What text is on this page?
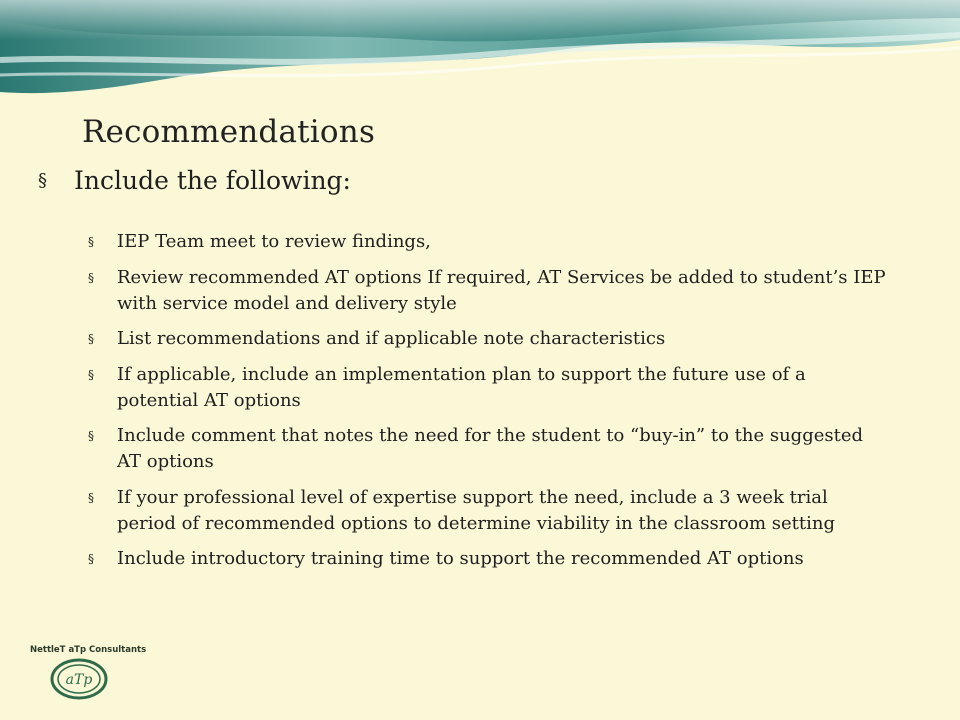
Recommendations
§	Include the following:
§ IEP Team meet to review findings,
§ Review recommended AT options If required, AT Services be added to student’s IEP with service model and delivery style
§ List recommendations and if applicable note characteristics
§ If applicable, include an implementation plan to support the future use of a potential AT options
§ Include comment that notes the need for the student to “buy-in” to the suggested AT options
§ If your professional level of expertise support the need, include a 3 week trial period of recommended options to determine viability in the classroom setting
§ Include introductory training time to support the recommended AT options
NettleT aTp Consultants
aTp
